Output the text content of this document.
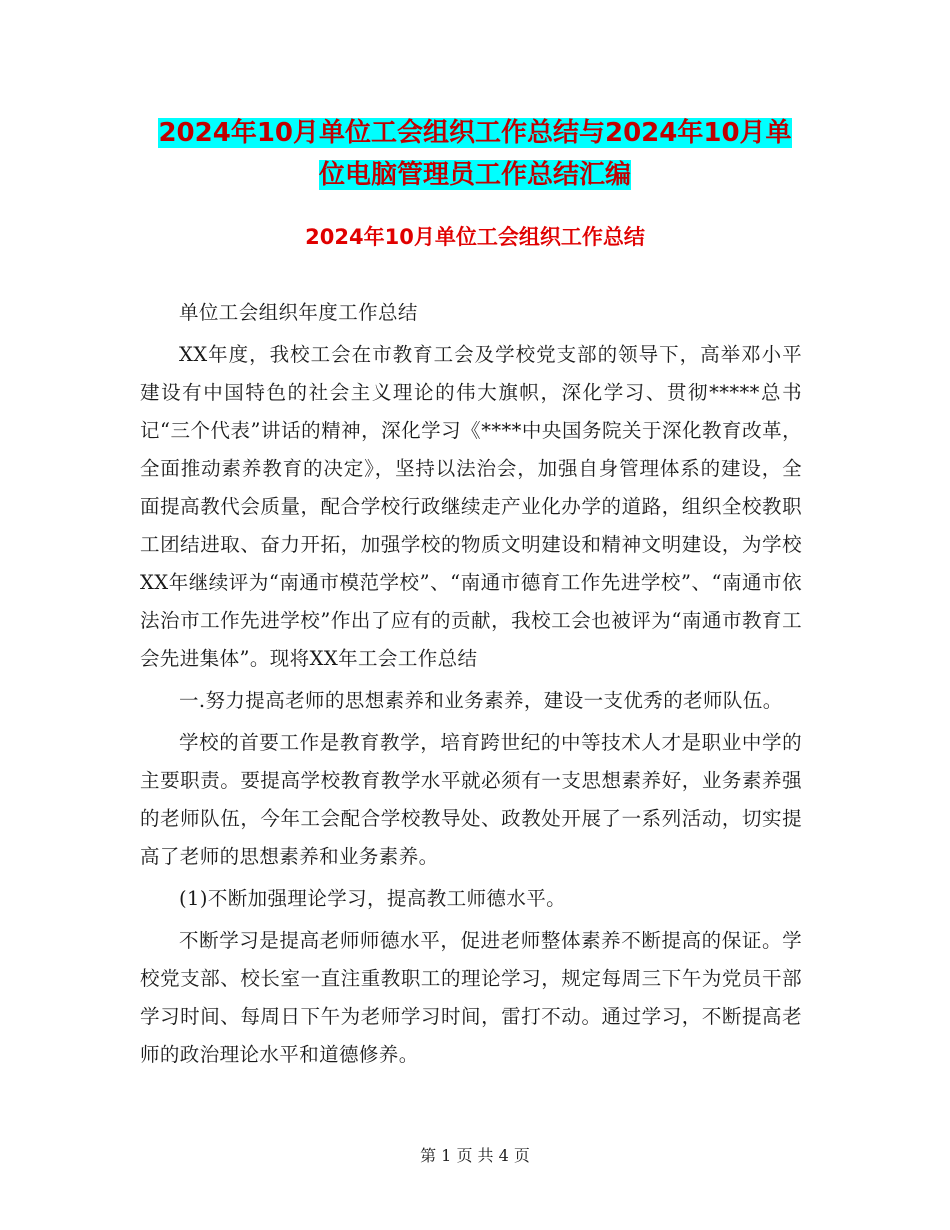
2024年10月单位工会组织工作总结与2024年10月单位电脑管理员工作总结汇编
2024年10月单位工会组织工作总结

单位工会组织年度工作总结

XX年度，我校工会在市教育工会及学校党支部的领导下，高举邓小平建设有中国特色的社会主义理论的伟大旗帜，深化学习、贯彻*****总书记“三个代表”讲话的精神，深化学习《****中央国务院关于深化教育改革，全面推动素养教育的决定》，坚持以法治会，加强自身管理体系的建设，全面提高教代会质量，配合学校行政继续走产业化办学的道路，组织全校教职工团结进取、奋力开拓，加强学校的物质文明建设和精神文明建设，为学校XX年继续评为“南通市模范学校”、“南通市德育工作先进学校”、“南通市依法治市工作先进学校”作出了应有的贡献，我校工会也被评为“南通市教育工会先进集体”。现将XX年工会工作总结

一.努力提高老师的思想素养和业务素养，建设一支优秀的老师队伍。

学校的首要工作是教育教学，培育跨世纪的中等技术人才是职业中学的主要职责。要提高学校教育教学水平就必须有一支思想素养好，业务素养强的老师队伍，今年工会配合学校教导处、政教处开展了一系列活动，切实提高了老师的思想素养和业务素养。

(1)不断加强理论学习，提高教工师德水平。

不断学习是提高老师师德水平，促进老师整体素养不断提高的保证。学校党支部、校长室一直注重教职工的理论学习，规定每周三下午为党员干部学习时间、每周日下午为老师学习时间，雷打不动。通过学习，不断提高老师的政治理论水平和道德修养。

第 1 页 共 4 页
